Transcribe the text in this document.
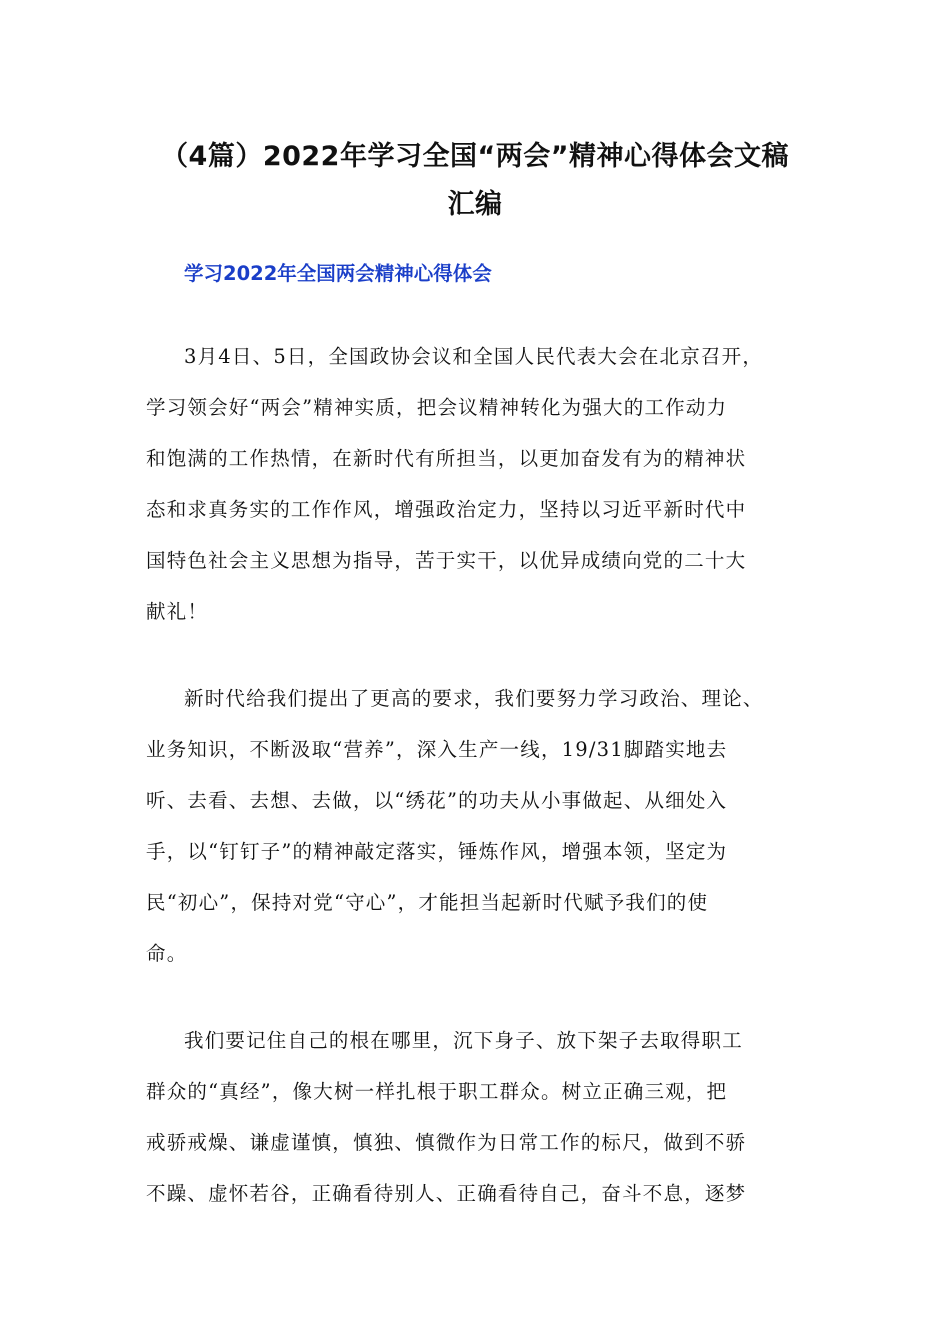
（4篇）2022年学习全国“两会”精神心得体会文稿
汇编
学习2022年全国两会精神心得体会
3月4日、5日，全国政协会议和全国人民代表大会在北京召开，
学习领会好“两会”精神实质，把会议精神转化为强大的工作动力
和饱满的工作热情，在新时代有所担当，以更加奋发有为的精神状
态和求真务实的工作作风，增强政治定力，坚持以习近平新时代中
国特色社会主义思想为指导，苦于实干，以优异成绩向党的二十大
献礼！
新时代给我们提出了更高的要求，我们要努力学习政治、理论、
业务知识，不断汲取“营养”，深入生产一线，19/31脚踏实地去
听、去看、去想、去做，以“绣花”的功夫从小事做起、从细处入
手，以“钉钉子”的精神敲定落实，锤炼作风，增强本领，坚定为
民“初心”，保持对党“守心”，才能担当起新时代赋予我们的使
命。
我们要记住自己的根在哪里，沉下身子、放下架子去取得职工
群众的“真经”，像大树一样扎根于职工群众。树立正确三观，把
戒骄戒燥、谦虚谨慎，慎独、慎微作为日常工作的标尺，做到不骄
不躁、虚怀若谷，正确看待别人、正确看待自己，奋斗不息，逐梦
